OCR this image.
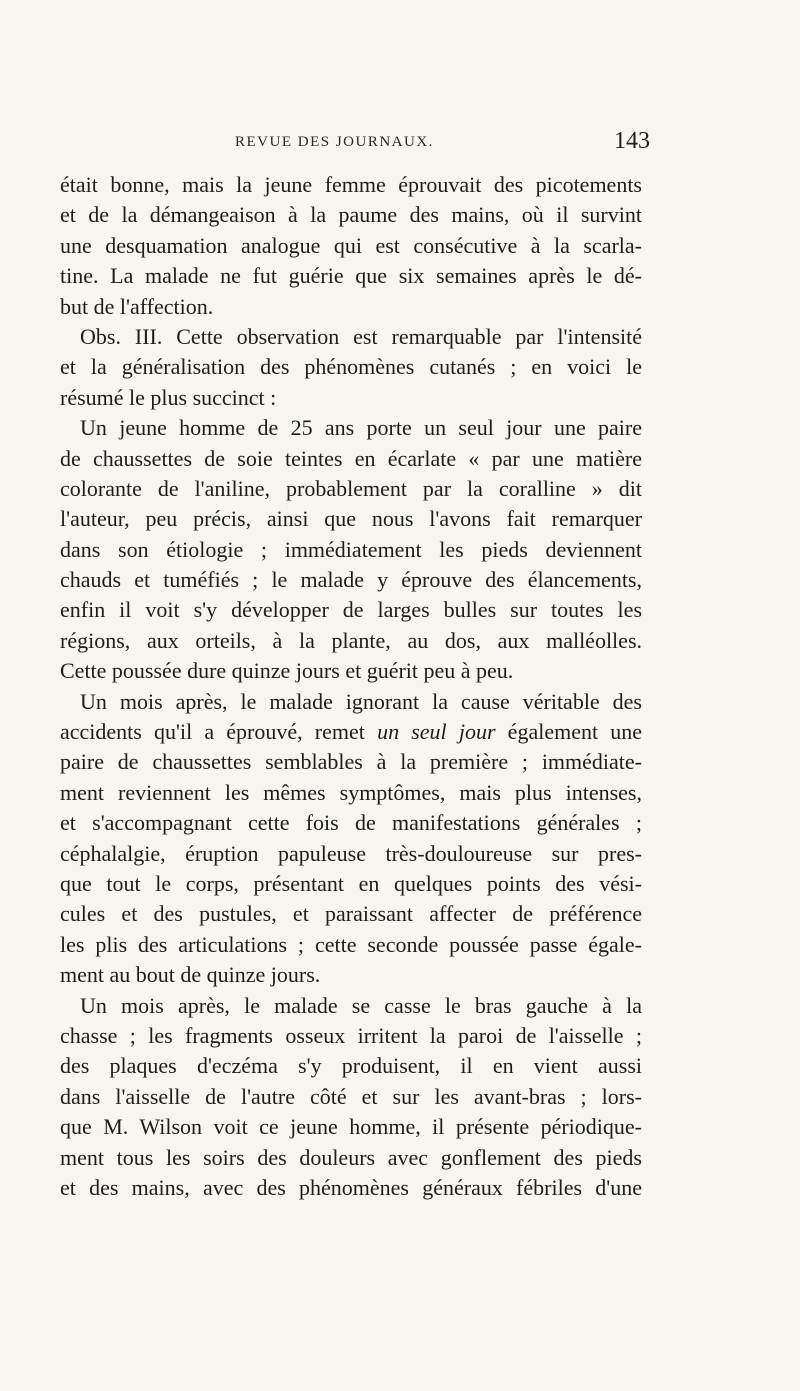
REVUE DES JOURNAUX.	143
était bonne, mais la jeune femme éprouvait des picotements
et de la démangeaison à la paume des mains, où il survint
une desquamation analogue qui est consécutive à la scarla-
tine. La malade ne fut guérie que six semaines après le dé-
but de l'affection.
Obs. III. Cette observation est remarquable par l'intensité
et la généralisation des phénomènes cutanés ; en voici le
résumé le plus succinct :
Un jeune homme de 25 ans porte un seul jour une paire
de chaussettes de soie teintes en écarlate « par une matière
colorante de l'aniline, probablement par la coralline » dit
l'auteur, peu précis, ainsi que nous l'avons fait remarquer
dans son étiologie ; immédiatement les pieds deviennent
chauds et tuméfiés ; le malade y éprouve des élancements,
enfin il voit s'y développer de larges bulles sur toutes les
régions, aux orteils, à la plante, au dos, aux malléolles.
Cette poussée dure quinze jours et guérit peu à peu.
Un mois après, le malade ignorant la cause véritable des
accidents qu'il a éprouvé, remet un seul jour également une
paire de chaussettes semblables à la première ; immédiate-
ment reviennent les mêmes symptômes, mais plus intenses,
et s'accompagnant cette fois de manifestations générales ;
céphalalgie, éruption papuleuse très-douloureuse sur pres-
que tout le corps, présentant en quelques points des vési-
cules et des pustules, et paraissant affecter de préférence
les plis des articulations ; cette seconde poussée passe égale-
ment au bout de quinze jours.
Un mois après, le malade se casse le bras gauche à la
chasse ; les fragments osseux irritent la paroi de l'aisselle ;
des plaques d'eczéma s'y produisent, il en vient aussi
dans l'aisselle de l'autre côté et sur les avant-bras ; lors-
que M. Wilson voit ce jeune homme, il présente périodique-
ment tous les soirs des douleurs avec gonflement des pieds
et des mains, avec des phénomènes généraux fébriles d'une
